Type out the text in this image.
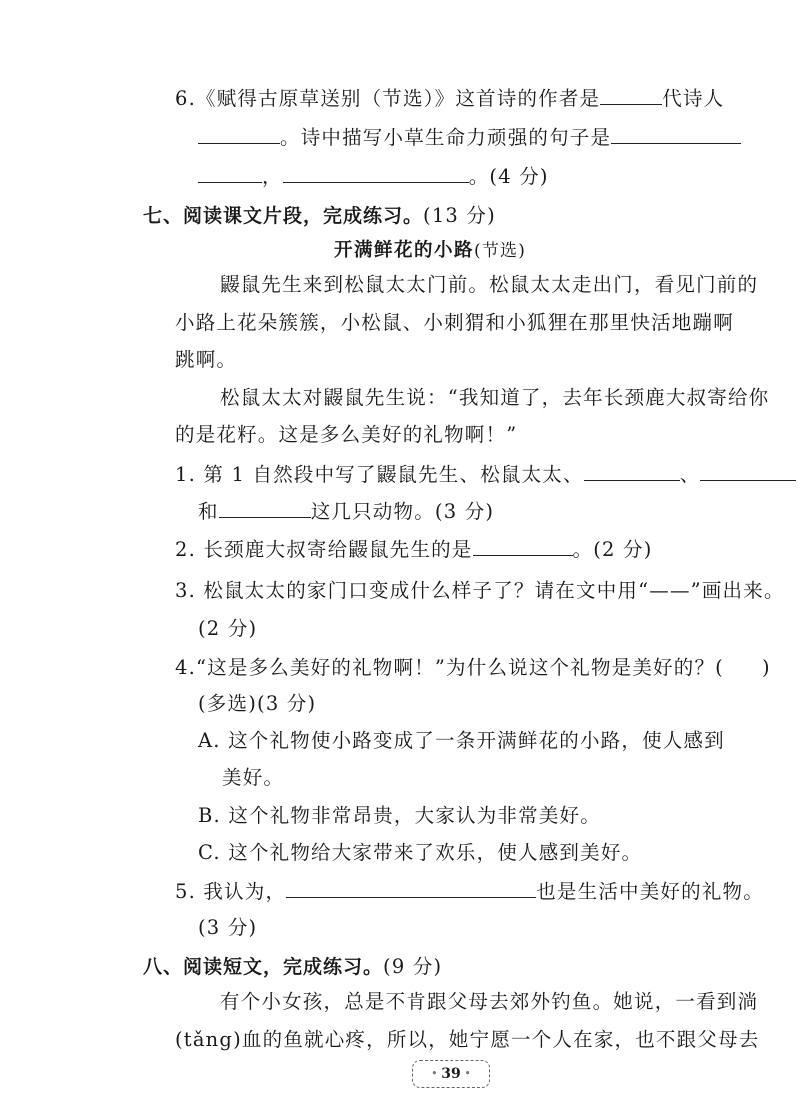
6.《赋得古原草送别（节选）》这首诗的作者是	代诗人
。诗中描写小草生命力顽强的句子是
，	。(4 分)
七、阅读课文片段，完成练习。(13 分)
开满鲜花的小路(节选)
鼹鼠先生来到松鼠太太门前。松鼠太太走出门，看见门前的
小路上花朵簇簇，小松鼠、小刺猬和小狐狸在那里快活地蹦啊
跳啊。
松鼠太太对鼹鼠先生说：“我知道了，去年长颈鹿大叔寄给你
的是花籽。这是多么美好的礼物啊！”
1. 第 1 自然段中写了鼹鼠先生、松鼠太太、	、
和	这几只动物。(3 分)
2. 长颈鹿大叔寄给鼹鼠先生的是	。(2 分)
3. 松鼠太太的家门口变成什么样子了？请在文中用“——”画出来。
(2 分)
4.“这是多么美好的礼物啊！”为什么说这个礼物是美好的？( )
(多选)(3 分)
A. 这个礼物使小路变成了一条开满鲜花的小路，使人感到
美好。
B. 这个礼物非常昂贵，大家认为非常美好。
C. 这个礼物给大家带来了欢乐，使人感到美好。
5. 我认为，	也是生活中美好的礼物。
(3 分)
八、阅读短文，完成练习。(9 分)
有个小女孩，总是不肯跟父母去郊外钓鱼。她说，一看到淌
(tǎng)血的鱼就心疼，所以，她宁愿一个人在家，也不跟父母去
• 39 •
